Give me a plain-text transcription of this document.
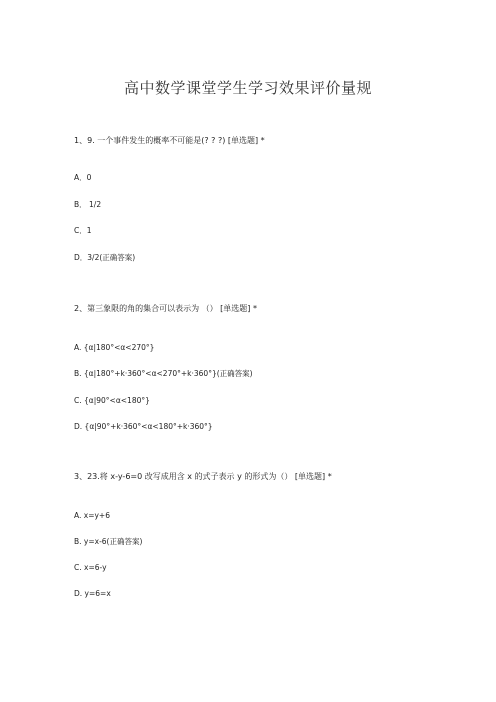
高中数学课堂学生学习效果评价量规
1、9. 一个事件发生的概率不可能是(? ? ?) [单选题] *
A．0
B． 1/2
C．1
D．3/2(正确答案)
2、第三象限的角的集合可以表示为 （） [单选题] *
A. {α|180°<α<270°}
B. {α|180°+k·360°<α<270°+k·360°}(正确答案)
C. {α|90°<α<180°}
D. {α|90°+k·360°<α<180°+k·360°}
3、23.将 x-y-6=0 改写成用含 x 的式子表示 y 的形式为（） [单选题] *
A. x=y+6
B. y=x-6(正确答案)
C. x=6-y
D. y=6=x
